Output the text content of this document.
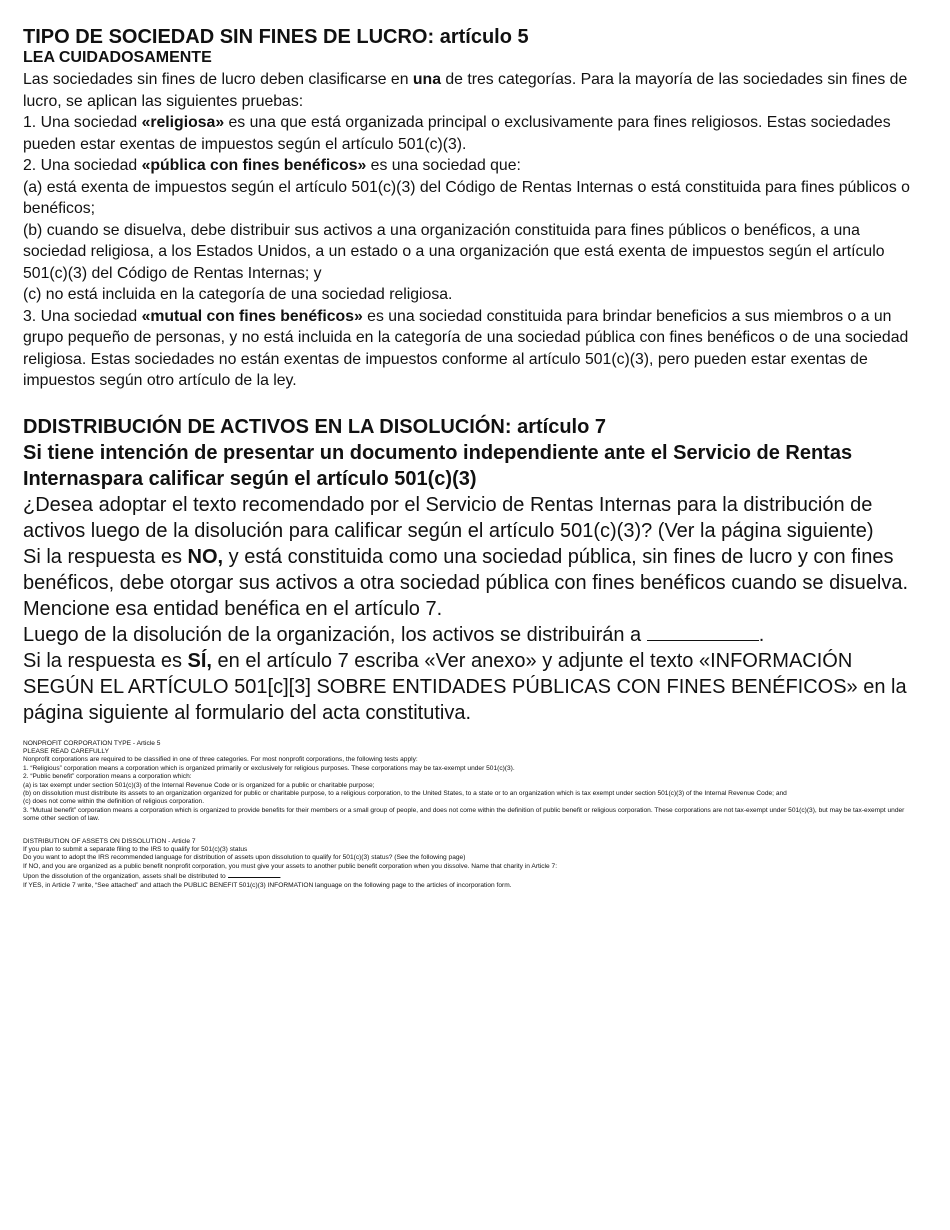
TIPO DE SOCIEDAD SIN FINES DE LUCRO: artículo 5
LEA CUIDADOSAMENTE

Las sociedades sin fines de lucro deben clasificarse en una de tres categorías. Para la mayoría de las sociedades sin fines de lucro, se aplican las siguientes pruebas:

1. Una sociedad «religiosa» es una que está organizada principal o exclusivamente para fines religiosos. Estas sociedades pueden estar exentas de impuestos según el artículo 501(c)(3).

2. Una sociedad «pública con fines benéficos» es una sociedad que:

(a) está exenta de impuestos según el artículo 501(c)(3) del Código de Rentas Internas o está constituida para fines públicos o benéficos;

(b) cuando se disuelva, debe distribuir sus activos a una organización constituida para fines públicos o benéficos, a una sociedad religiosa, a los Estados Unidos, a un estado o a una organización que está exenta de impuestos según el artículo 501(c)(3) del Código de Rentas Internas; y

(c) no está incluida en la categoría de una sociedad religiosa.

3. Una sociedad «mutual con fines benéficos» es una sociedad constituida para brindar beneficios a sus miembros o a un grupo pequeño de personas, y no está incluida en la categoría de una sociedad pública con fines benéficos o de una sociedad religiosa. Estas sociedades no están exentas de impuestos conforme al artículo 501(c)(3), pero pueden estar exentas de impuestos según otro artículo de la ley.

DDISTRIBUCIÓN DE ACTIVOS EN LA DISOLUCIÓN: artículo 7
Si tiene intención de presentar un documento independiente ante el Servicio de Rentas Internaspara calificar según el artículo 501(c)(3)

¿Desea adoptar el texto recomendado por el Servicio de Rentas Internas para la distribución de activos luego de la disolución para calificar según el artículo 501(c)(3)? (Ver la página siguiente)

Si la respuesta es NO, y está constituida como una sociedad pública, sin fines de lucro y con fines benéficos, debe otorgar sus activos a otra sociedad pública con fines benéficos cuando se disuelva. Mencione esa entidad benéfica en el artículo 7.

Luego de la disolución de la organización, los activos se distribuirán a	.

Si la respuesta es SÍ, en el artículo 7 escriba «Ver anexo» y adjunte el texto «INFORMACIÓN SEGÚN EL ARTÍCULO 501[c][3] SOBRE ENTIDADES PÚBLICAS CON FINES BENÉFICOS» en la página siguiente al formulario del acta constitutiva.

NONPROFIT CORPORATION TYPE - Article 5

PLEASE READ CAREFULLY

Nonprofit corporations are required to be classified in one of three categories. For most nonprofit corporations, the following tests apply:

1. “Religious” corporation means a corporation which is organized primarily or exclusively for religious purposes. These corporations may be tax-exempt under 501(c)(3).

2. “Public benefit” corporation means a corporation which:

(a) is tax exempt under section 501(c)(3) of the Internal Revenue Code or is organized for a public or charitable purpose;

(b) on dissolution must distribute its assets to an organization organized for public or charitable purpose, to a religious corporation, to the United States, to a state or to an organization which is tax exempt under section 501(c)(3) of the Internal Revenue Code; and

(c) does not come within the definition of religious corporation.

3. “Mutual benefit” corporation means a corporation which is organized to provide benefits for their members or a small group of people, and does not come within the definition of public benefit or religious corporation. These corporations are not tax-exempt under 501(c)(3), but may be tax-exempt under some other section of law.

DISTRIBUTION OF ASSETS ON DISSOLUTION - Article 7

If you plan to submit a separate filing to the IRS to qualify for 501(c)(3) status

Do you want to adopt the IRS recommended language for distribution of assets upon dissolution to qualify for 501(c)(3) status? (See the following page)

If NO, and you are organized as a public benefit nonprofit corporation, you must give your assets to another public benefit corporation when you dissolve. Name that charity in Article 7:

Upon the dissolution of the organization, assets shall be distributed to	.

If YES, in Article 7 write, “See attached” and attach the PUBLIC BENEFIT 501(c)(3) INFORMATION language on the following page to the articles of incorporation form.
